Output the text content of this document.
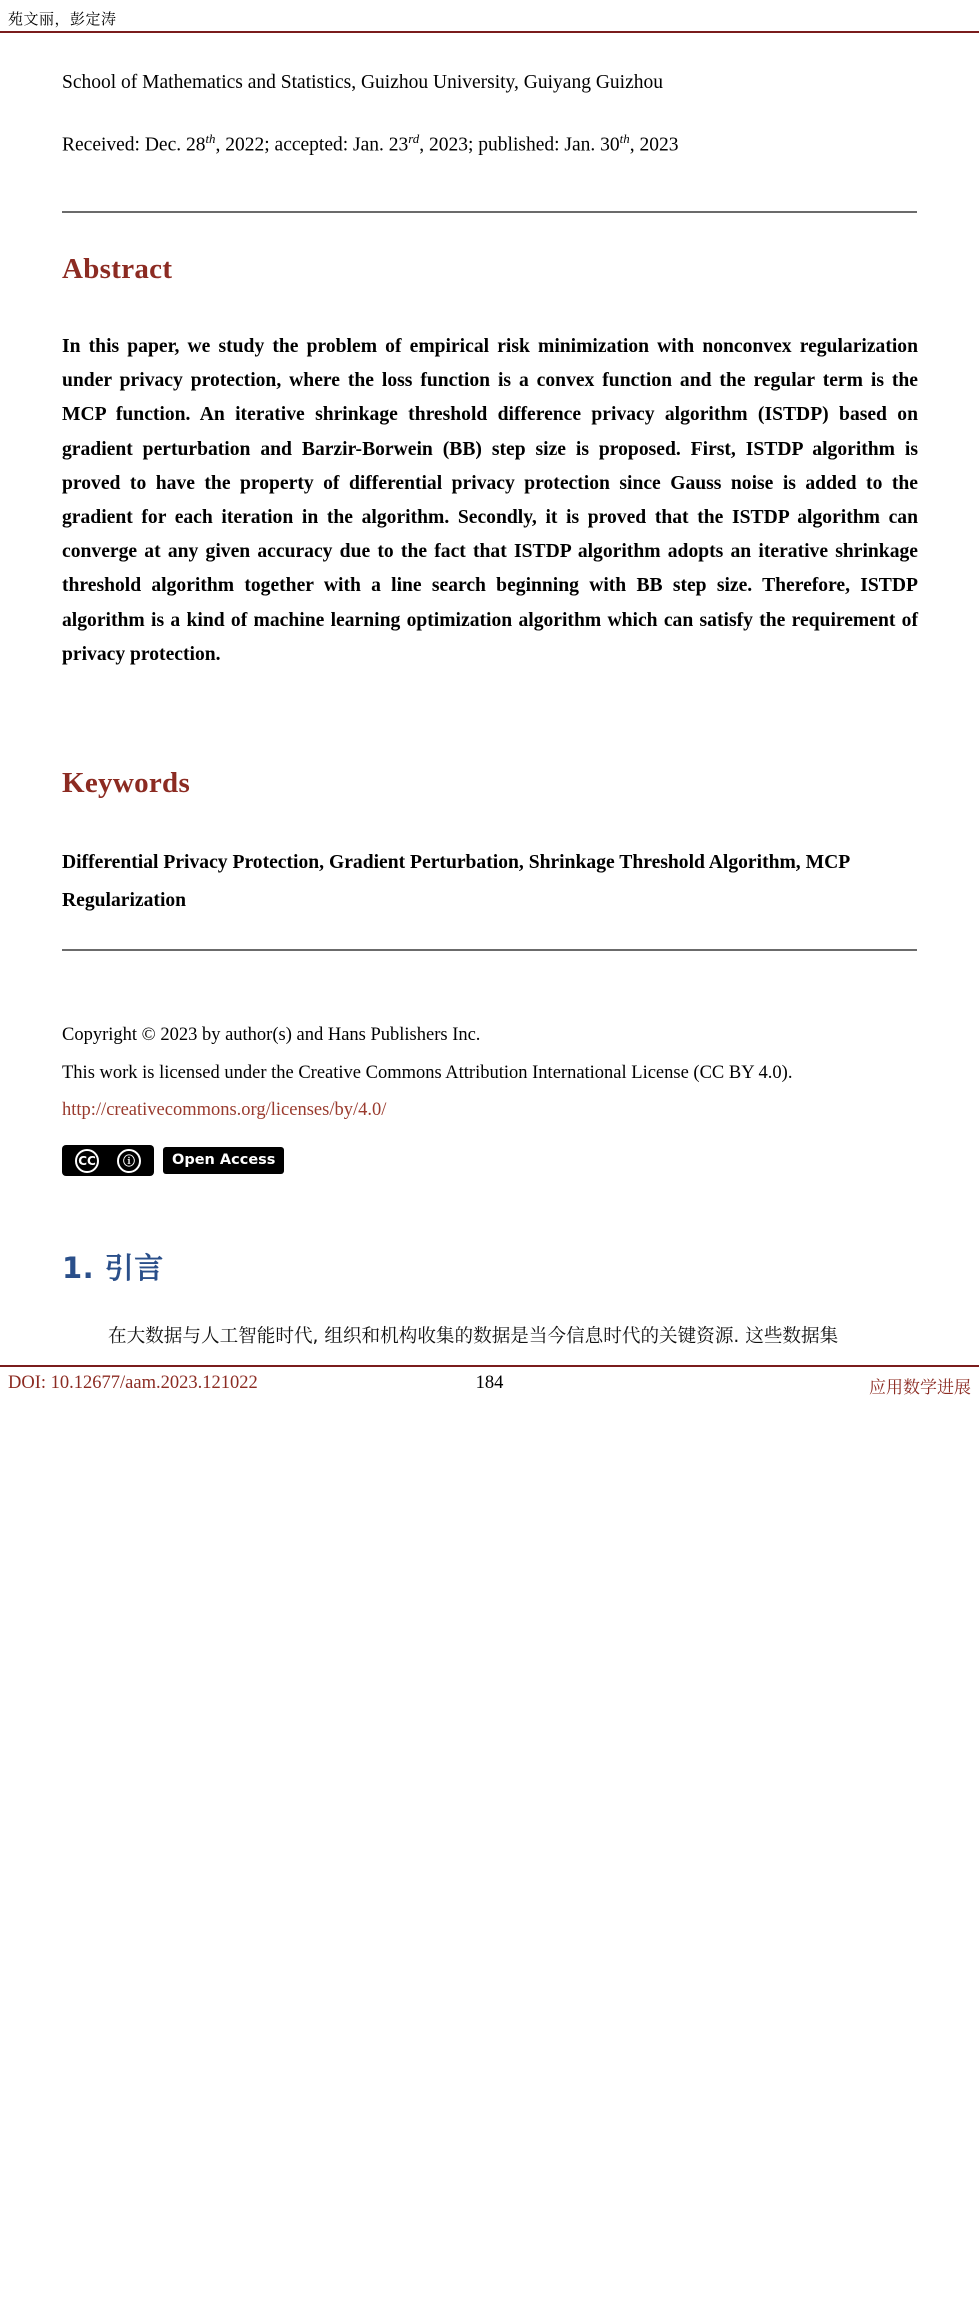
苑文丽，彭定涛
School of Mathematics and Statistics, Guizhou University, Guiyang Guizhou
Received: Dec. 28th, 2022; accepted: Jan. 23rd, 2023; published: Jan. 30th, 2023
Abstract
In this paper, we study the problem of empirical risk minimization with nonconvex regularization under privacy protection, where the loss function is a convex function and the regular term is the MCP function. An iterative shrinkage threshold difference privacy algorithm (ISTDP) based on gradient perturbation and Barzir-Borwein (BB) step size is proposed. First, ISTDP algorithm is proved to have the property of differential privacy protection since Gauss noise is added to the gradient for each iteration in the algorithm. Secondly, it is proved that the ISTDP algorithm can converge at any given accuracy due to the fact that ISTDP algorithm adopts an iterative shrinkage threshold algorithm together with a line search beginning with BB step size. Therefore, ISTDP algorithm is a kind of machine learning optimization algorithm which can satisfy the requirement of privacy protection.
Keywords
Differential Privacy Protection, Gradient Perturbation, Shrinkage Threshold Algorithm, MCP Regularization
Copyright © 2023 by author(s) and Hans Publishers Inc.
This work is licensed under the Creative Commons Attribution International License (CC BY 4.0).
http://creativecommons.org/licenses/by/4.0/
CC	ⓘ
BY
Open Access
1. 引言
在大数据与人工智能时代, 组织和机构收集的数据是当今信息时代的关键资源. 这些数据集
DOI: 10.12677/aam.2023.121022	184	应用数学进展
